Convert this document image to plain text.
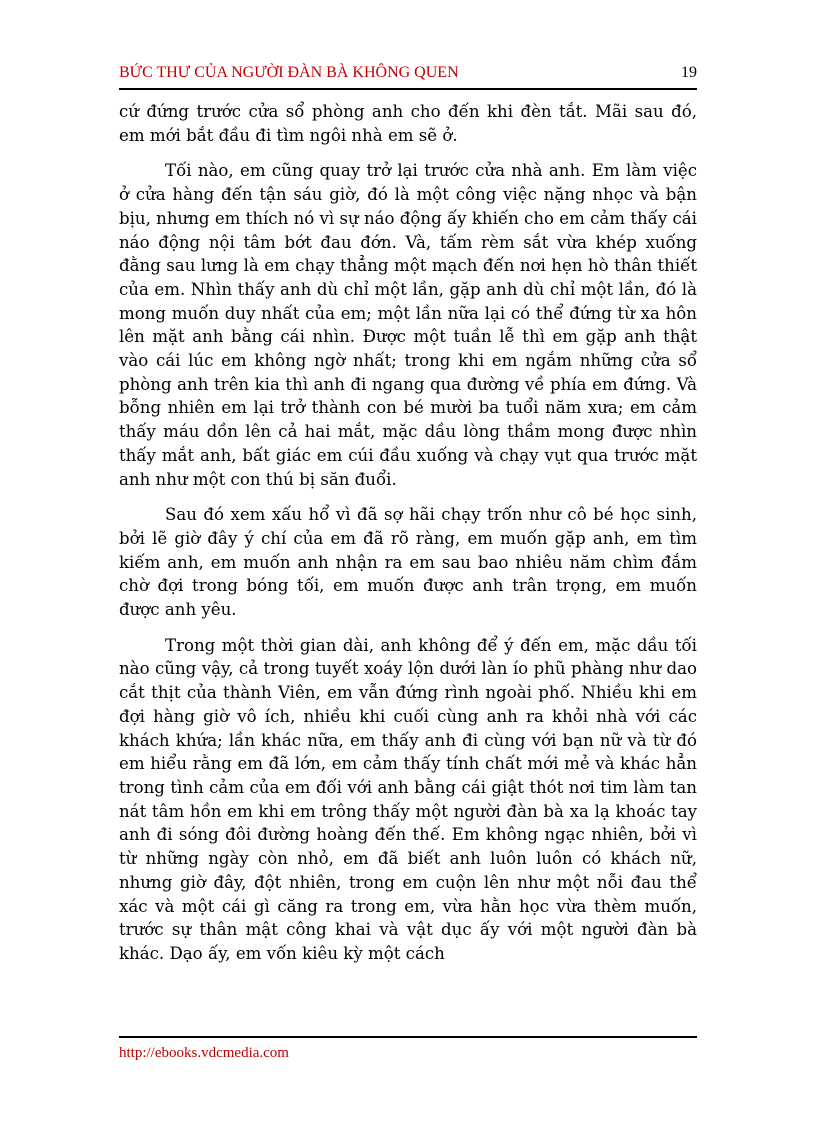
BỨC THƯ CỦA NGƯỜI ĐÀN BÀ KHÔNG QUEN	19

cứ đứng trước cửa sổ phòng anh cho đến khi đèn tắt. Mãi sau đó, em mới bắt đầu đi tìm ngôi nhà em sẽ ở.

Tối nào, em cũng quay trở lại trước cửa nhà anh. Em làm việc ở cửa hàng đến tận sáu giờ, đó là một công việc nặng nhọc và bận bịu, nhưng em thích nó vì sự náo động ấy khiến cho em cảm thấy cái náo động nội tâm bớt đau đớn. Và, tấm rèm sắt vừa khép xuống đằng sau lưng là em chạy thẳng một mạch đến nơi hẹn hò thân thiết của em. Nhìn thấy anh dù chỉ một lần, gặp anh dù chỉ một lần, đó là mong muốn duy nhất của em; một lần nữa lại có thể đứng từ xa hôn lên mặt anh bằng cái nhìn. Được một tuần lễ thì em gặp anh thật vào cái lúc em không ngờ nhất; trong khi em ngắm những cửa sổ phòng anh trên kia thì anh đi ngang qua đường về phía em đứng. Và bỗng nhiên em lại trở thành con bé mười ba tuổi năm xưa; em cảm thấy máu dồn lên cả hai mắt, mặc dầu lòng thầm mong được nhìn thấy mắt anh, bất giác em cúi đầu xuống và chạy vụt qua trước mặt anh như một con thú bị săn đuổi.

Sau đó xem xấu hổ vì đã sợ hãi chạy trốn như cô bé học sinh, bởi lẽ giờ đây ý chí của em đã rõ ràng, em muốn gặp anh, em tìm kiếm anh, em muốn anh nhận ra em sau bao nhiêu năm chìm đắm chờ đợi trong bóng tối, em muốn được anh trân trọng, em muốn được anh yêu.

Trong một thời gian dài, anh không để ý đến em, mặc dầu tối nào cũng vậy, cả trong tuyết xoáy lộn dưới làn ío phũ phàng như dao cắt thịt của thành Viên, em vẫn đứng rình ngoài phố. Nhiều khi em đợi hàng giờ vô ích, nhiều khi cuối cùng anh ra khỏi nhà với các khách khứa; lần khác nữa, em thấy anh đi cùng với bạn nữ và từ đó em hiểu rằng em đã lớn, em cảm thấy tính chất mới mẻ và khác hẳn trong tình cảm của em đối với anh bằng cái giật thót nơi tim làm tan nát tâm hồn em khi em trông thấy một người đàn bà xa lạ khoác tay anh đi sóng đôi đường hoàng đến thế. Em không ngạc nhiên, bởi vì từ những ngày còn nhỏ, em đã biết anh luôn luôn có khách nữ, nhưng giờ đây, đột nhiên, trong em cuộn lên như một nỗi đau thể xác và một cái gì căng ra trong em, vừa hằn học vừa thèm muốn, trước sự thân mật công khai và vật dục ấy với một người đàn bà khác. Dạo ấy, em vốn kiêu kỳ một cách

http://ebooks.vdcmedia.com
